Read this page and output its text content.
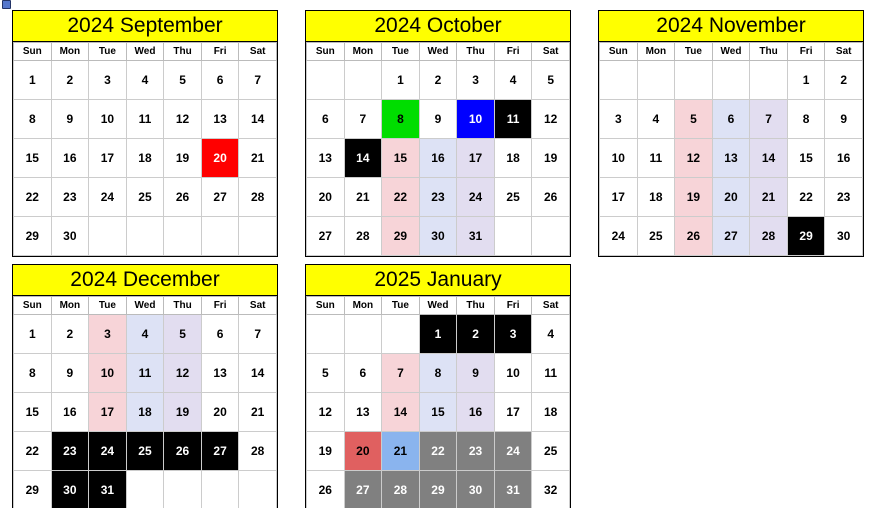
2024 September
Sun	Mon	Tue	Wed	Thu	Fri	Sat
1	2	3	4	5	6	7
8	9	10	11	12	13	14
15	16	17	18	19	20	21
22	23	24	25	26	27	28
29	30					
2024 October
Sun	Mon	Tue	Wed	Thu	Fri	Sat
		1	2	3	4	5
6	7	8	9	10	11	12
13	14	15	16	17	18	19
20	21	22	23	24	25	26
27	28	29	30	31		
2024 November
Sun	Mon	Tue	Wed	Thu	Fri	Sat
					1	2
3	4	5	6	7	8	9
10	11	12	13	14	15	16
17	18	19	20	21	22	23
24	25	26	27	28	29	30
2024 December
Sun	Mon	Tue	Wed	Thu	Fri	Sat
1	2	3	4	5	6	7
8	9	10	11	12	13	14
15	16	17	18	19	20	21
22	23	24	25	26	27	28
29	30	31				
2025 January
Sun	Mon	Tue	Wed	Thu	Fri	Sat
			1	2	3	4
5	6	7	8	9	10	11
12	13	14	15	16	17	18
19	20	21	22	23	24	25
26	27	28	29	30	31	32
